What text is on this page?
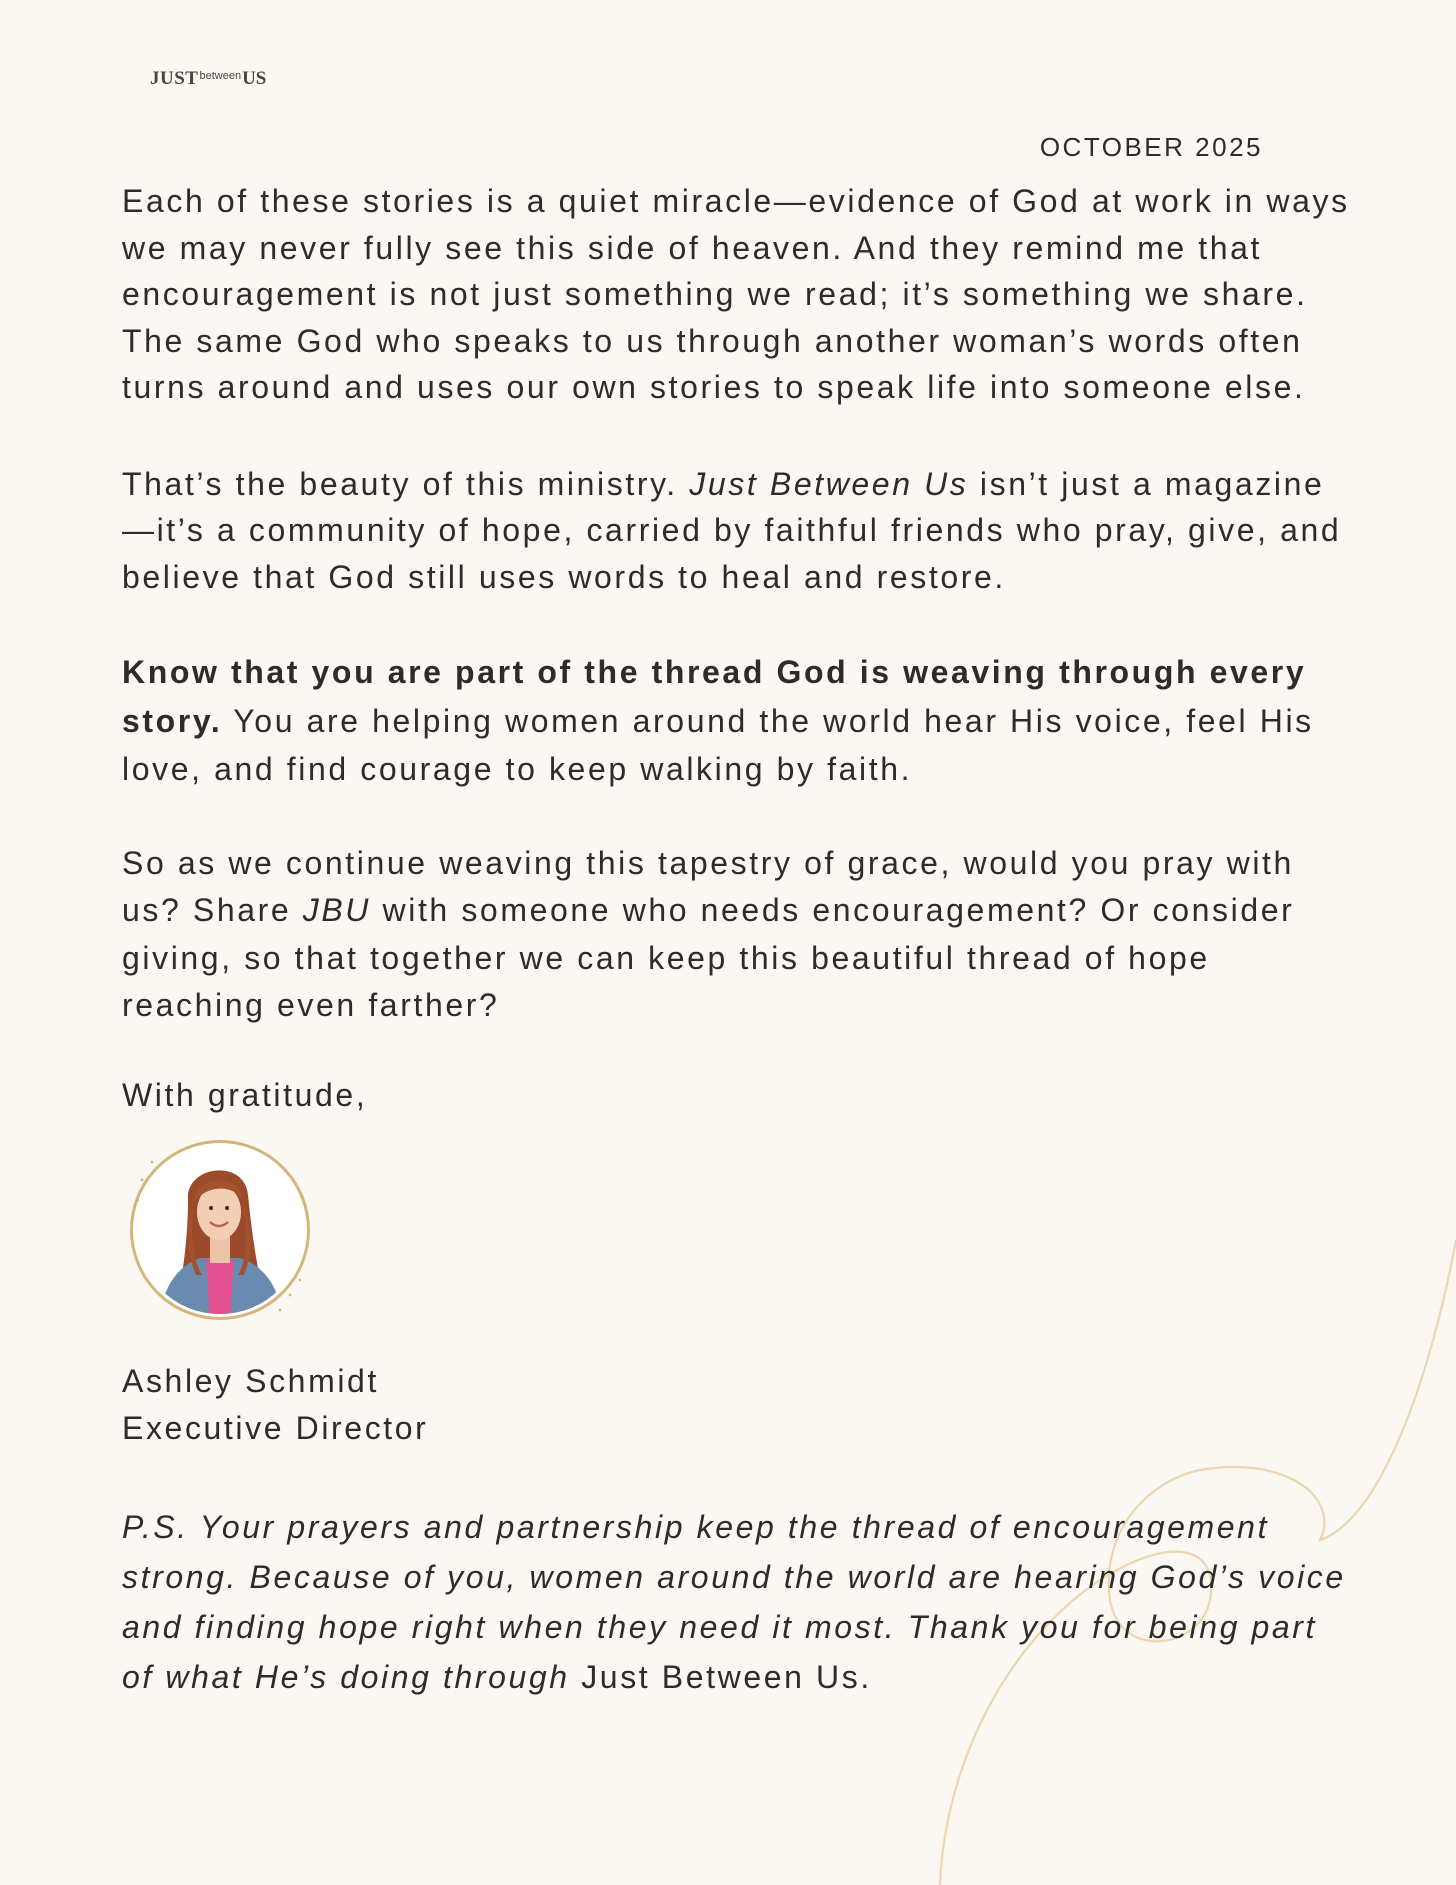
JUST between US
OCTOBER 2025

Each of these stories is a quiet miracle—evidence of God at work in ways we may never fully see this side of heaven. And they remind me that encouragement is not just something we read; it’s something we share. The same God who speaks to us through another woman’s words often turns around and uses our own stories to speak life into someone else.

That’s the beauty of this ministry. Just Between Us isn’t just a magazine—it’s a community of hope, carried by faithful friends who pray, give, and believe that God still uses words to heal and restore.

Know that you are part of the thread God is weaving through every story. You are helping women around the world hear His voice, feel His love, and find courage to keep walking by faith.

So as we continue weaving this tapestry of grace, would you pray with us? Share JBU with someone who needs encouragement? Or consider giving, so that together we can keep this beautiful thread of hope reaching even farther?

With gratitude,

Ashley Schmidt
Executive Director

P.S. Your prayers and partnership keep the thread of encouragement strong. Because of you, women around the world are hearing God’s voice and finding hope right when they need it most. Thank you for being part of what He’s doing through Just Between Us.
